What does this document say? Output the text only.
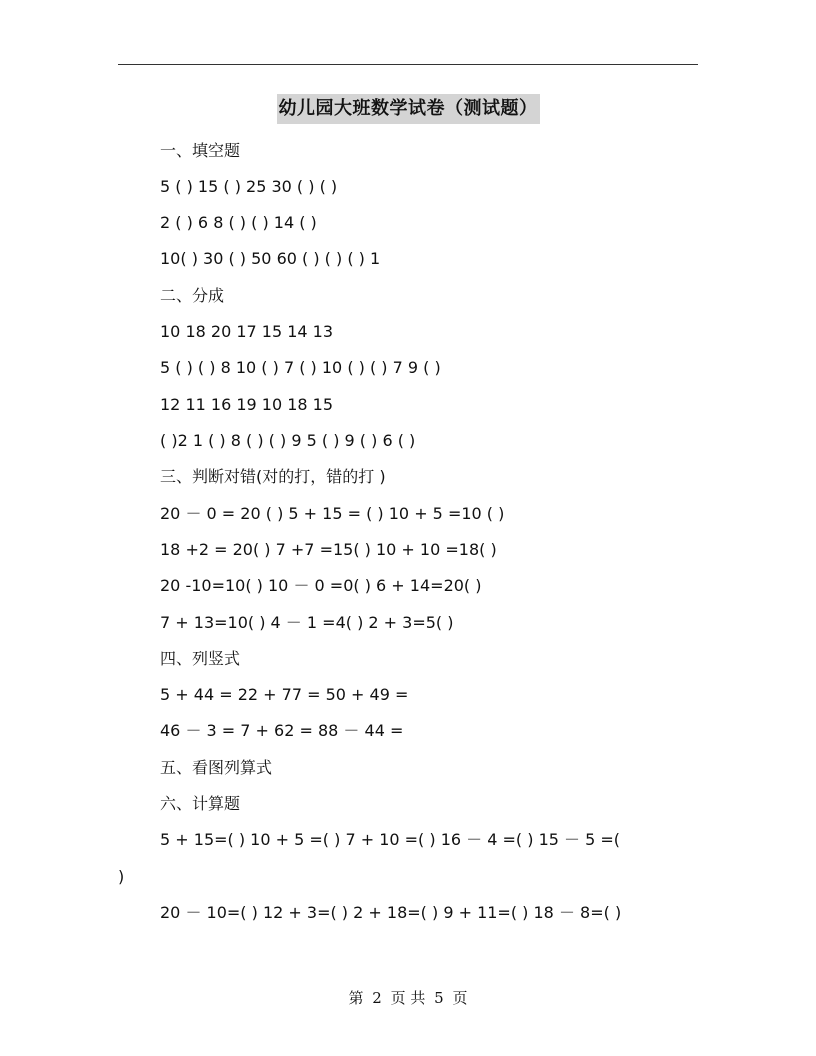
幼儿园大班数学试卷（测试题）
一、填空题
5 ( ) 15 ( ) 25 30 ( ) ( )
2 ( ) 6 8 ( ) ( ) 14 ( )
10( ) 30 ( ) 50 60 ( ) ( ) ( ) 1
二、分成
10 18 20 17 15 14 13
5 ( ) ( ) 8 10 ( ) 7 ( ) 10 ( ) ( ) 7 9 ( )
12 11 16 19 10 18 15
( )2 1 ( ) 8 ( ) ( ) 9 5 ( ) 9 ( ) 6 ( )
三、判断对错(对的打，错的打 )
20 － 0 = 20 ( ) 5 + 15 = ( ) 10 + 5 =10 ( )
18 +2 = 20( ) 7 +7 =15( ) 10 + 10 =18( )
20 -10=10( ) 10 － 0 =0( ) 6 + 14=20( )
7 + 13=10( ) 4 － 1 =4( ) 2 + 3=5( )
四、列竖式
5 + 44 = 22 + 77 = 50 + 49 =
46 － 3 = 7 + 62 = 88 － 44 =
五、看图列算式
六、计算题
5 + 15=( ) 10 + 5 =( ) 7 + 10 =( ) 16 － 4 =( ) 15 － 5 =(
)
20 － 10=( ) 12 + 3=( ) 2 + 18=( ) 9 + 11=( ) 18 － 8=( )
第 2 页 共 5 页
